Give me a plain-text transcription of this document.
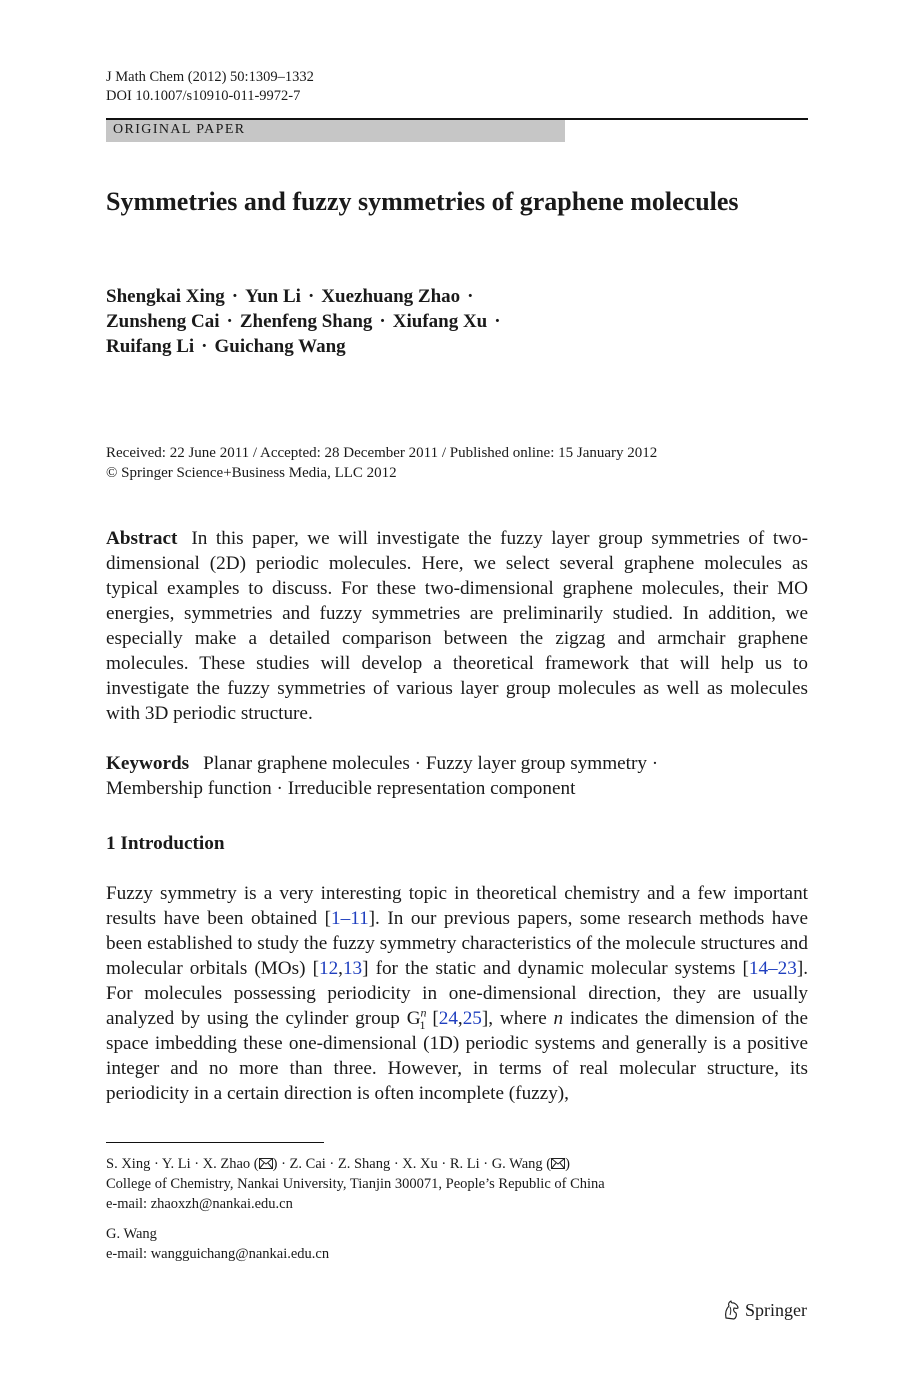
J Math Chem (2012) 50:1309–1332
DOI 10.1007/s10910-011-9972-7
ORIGINAL PAPER
Symmetries and fuzzy symmetries of graphene molecules
Shengkai Xing · Yun Li · Xuezhuang Zhao ·
Zunsheng Cai · Zhenfeng Shang · Xiufang Xu ·
Ruifang Li · Guichang Wang
Received: 22 June 2011 / Accepted: 28 December 2011 / Published online: 15 January 2012
© Springer Science+Business Media, LLC 2012
Abstract In this paper, we will investigate the fuzzy layer group symmetries of two-dimensional (2D) periodic molecules. Here, we select several graphene molecules as typical examples to discuss. For these two-dimensional graphene molecules, their MO energies, symmetries and fuzzy symmetries are preliminarily studied. In addition, we especially make a detailed comparison between the zigzag and armchair graphene molecules. These studies will develop a theoretical framework that will help us to investigate the fuzzy symmetries of various layer group molecules as well as molecules with 3D periodic structure.
Keywords Planar graphene molecules · Fuzzy layer group symmetry ·
Membership function · Irreducible representation component
1 Introduction
Fuzzy symmetry is a very interesting topic in theoretical chemistry and a few important results have been obtained [1–11]. In our previous papers, some research methods have been established to study the fuzzy symmetry characteristics of the molecule structures and molecular orbitals (MOs) [12,13] for the static and dynamic molecular systems [14–23]. For molecules possessing periodicity in one-dimensional direction, they are usually analyzed by using the cylinder group $G^n_1$ [24,25], where n indicates the dimension of the space imbedding these one-dimensional (1D) periodic systems and generally is a positive integer and no more than three. However, in terms of real molecular structure, its periodicity in a certain direction is often incomplete (fuzzy),

S. Xing · Y. Li · X. Zhao ( ) · Z. Cai · Z. Shang · X. Xu · R. Li · G. Wang ( )

College of Chemistry, Nankai University, Tianjin 300071, People’s Republic of China

e-mail: zhaoxzh@nankai.edu.cn

G. Wang

e-mail: wangguichang@nankai.edu.cn

Springer
